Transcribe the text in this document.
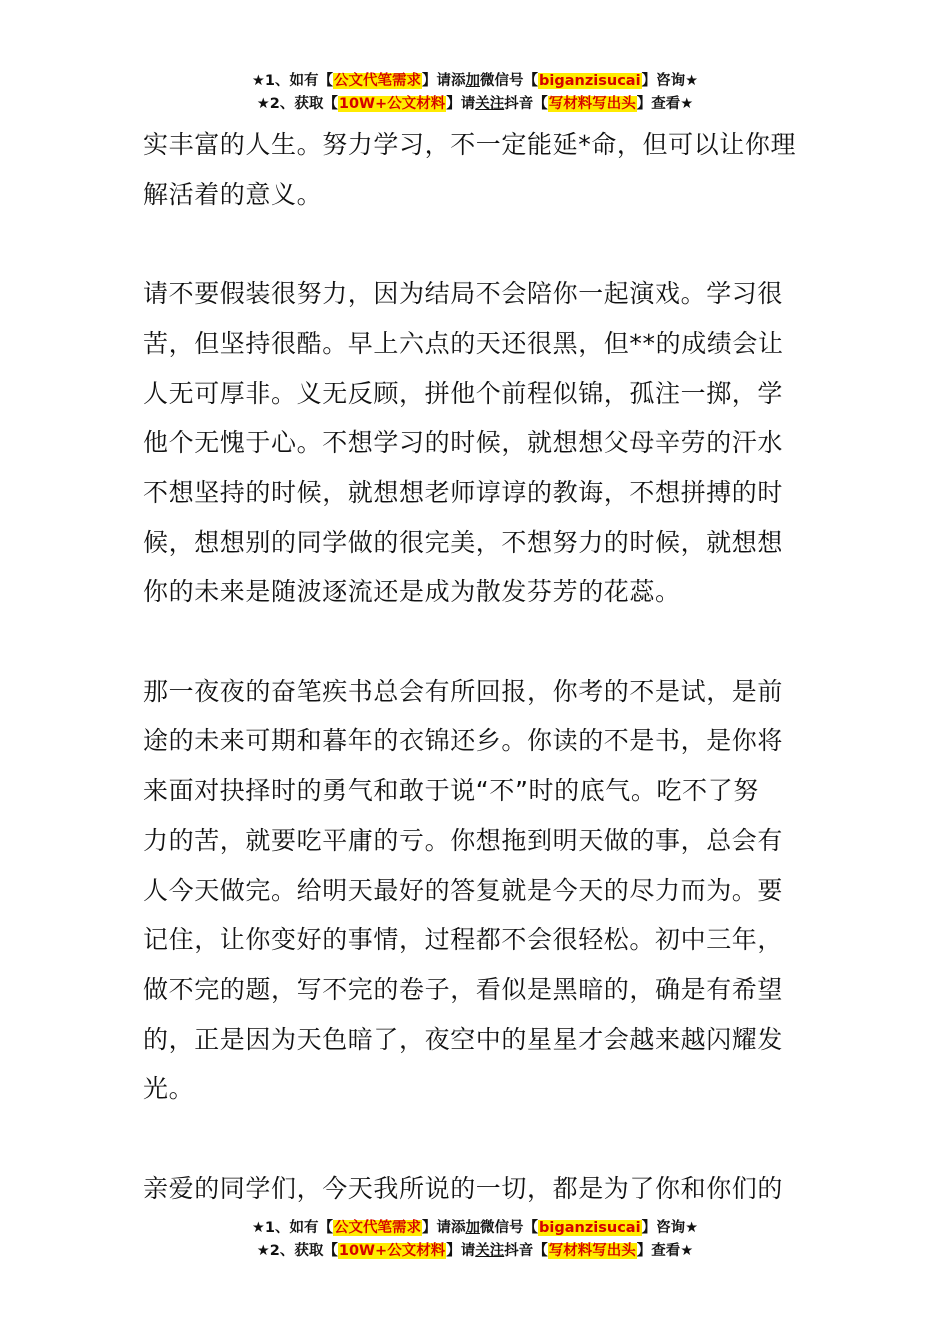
★1、如有【公文代笔需求】请添加微信号【biganzisucai】咨询★
★2、获取【10W+公文材料】请关注抖音【写材料写出头】查看★

实丰富的人生。努力学习，不一定能延*命，但可以让你理
解活着的意义。

请不要假装很努力，因为结局不会陪你一起演戏。学习很
苦，但坚持很酷。早上六点的天还很黑，但**的成绩会让
人无可厚非。义无反顾，拼他个前程似锦，孤注一掷，学
他个无愧于心。不想学习的时候，就想想父母辛劳的汗水
不想坚持的时候，就想想老师谆谆的教诲，不想拼搏的时
候，想想别的同学做的很完美，不想努力的时候，就想想
你的未来是随波逐流还是成为散发芬芳的花蕊。

那一夜夜的奋笔疾书总会有所回报，你考的不是试，是前
途的未来可期和暮年的衣锦还乡。你读的不是书，是你将
来面对抉择时的勇气和敢于说“不”时的底气。吃不了努
力的苦，就要吃平庸的亏。你想拖到明天做的事，总会有
人今天做完。给明天最好的答复就是今天的尽力而为。要
记住，让你变好的事情，过程都不会很轻松。初中三年，
做不完的题，写不完的卷子，看似是黑暗的，确是有希望
的，正是因为天色暗了，夜空中的星星才会越来越闪耀发
光。

亲爱的同学们，今天我所说的一切，都是为了你和你们的

★1、如有【公文代笔需求】请添加微信号【biganzisucai】咨询★
★2、获取【10W+公文材料】请关注抖音【写材料写出头】查看★
